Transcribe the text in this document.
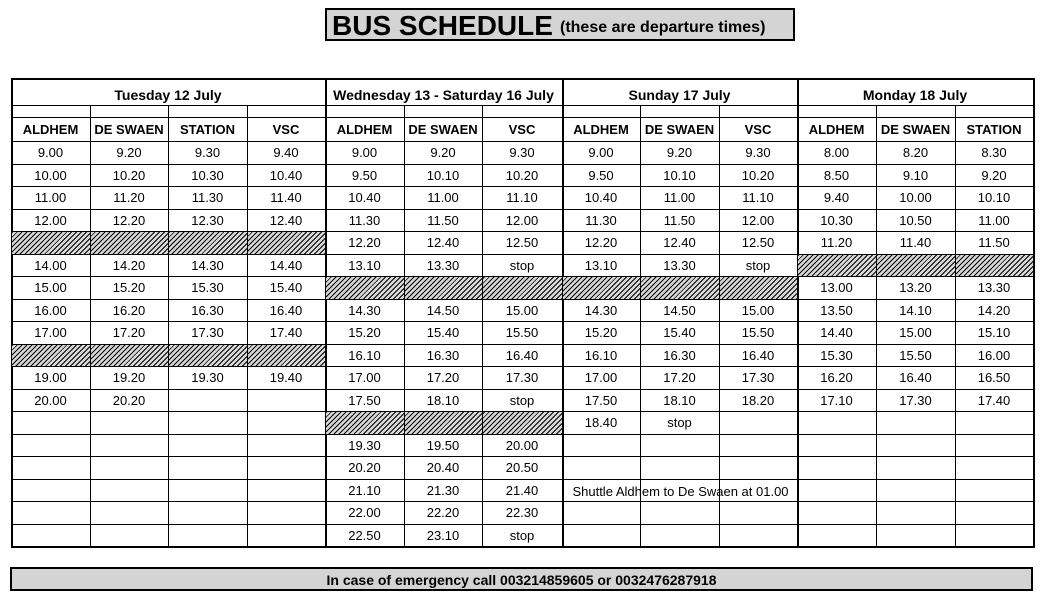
BUS SCHEDULE (these are departure times)
Tuesday 12 July
ALDHEM	DE SWAEN	STATION	VSC
9.00	9.20	9.30	9.40
10.00	10.20	10.30	10.40
11.00	11.20	11.30	11.40
12.00	12.20	12.30	12.40
14.00	14.20	14.30	14.40
15.00	15.20	15.30	15.40
16.00	16.20	16.30	16.40
17.00	17.20	17.30	17.40
19.00	19.20	19.30	19.40
20.00	20.20
Wednesday 13 - Saturday 16 July
ALDHEM	DE SWAEN	VSC
9.00	9.20	9.30
9.50	10.10	10.20
10.40	11.00	11.10
11.30	11.50	12.00
12.20	12.40	12.50
13.10	13.30	stop
14.30	14.50	15.00
15.20	15.40	15.50
16.10	16.30	16.40
17.00	17.20	17.30
17.50	18.10	stop
19.30	19.50	20.00
20.20	20.40	20.50
21.10	21.30	21.40
22.00	22.20	22.30
22.50	23.10	stop
Sunday 17 July
ALDHEM	DE SWAEN	VSC
9.00	9.20	9.30
9.50	10.10	10.20
10.40	11.00	11.10
11.30	11.50	12.00
12.20	12.40	12.50
13.10	13.30	stop
14.30	14.50	15.00
15.20	15.40	15.50
16.10	16.30	16.40
17.00	17.20	17.30
17.50	18.10	18.20
18.40	stop
Shuttle Aldhem to De Swaen at 01.00
Monday 18 July
ALDHEM	DE SWAEN	STATION
8.00	8.20	8.30
8.50	9.10	9.20
9.40	10.00	10.10
10.30	10.50	11.00
11.20	11.40	11.50
13.00	13.20	13.30
13.50	14.10	14.20
14.40	15.00	15.10
15.30	15.50	16.00
16.20	16.40	16.50
17.10	17.30	17.40
In case of emergency call 003214859605 or 0032476287918
